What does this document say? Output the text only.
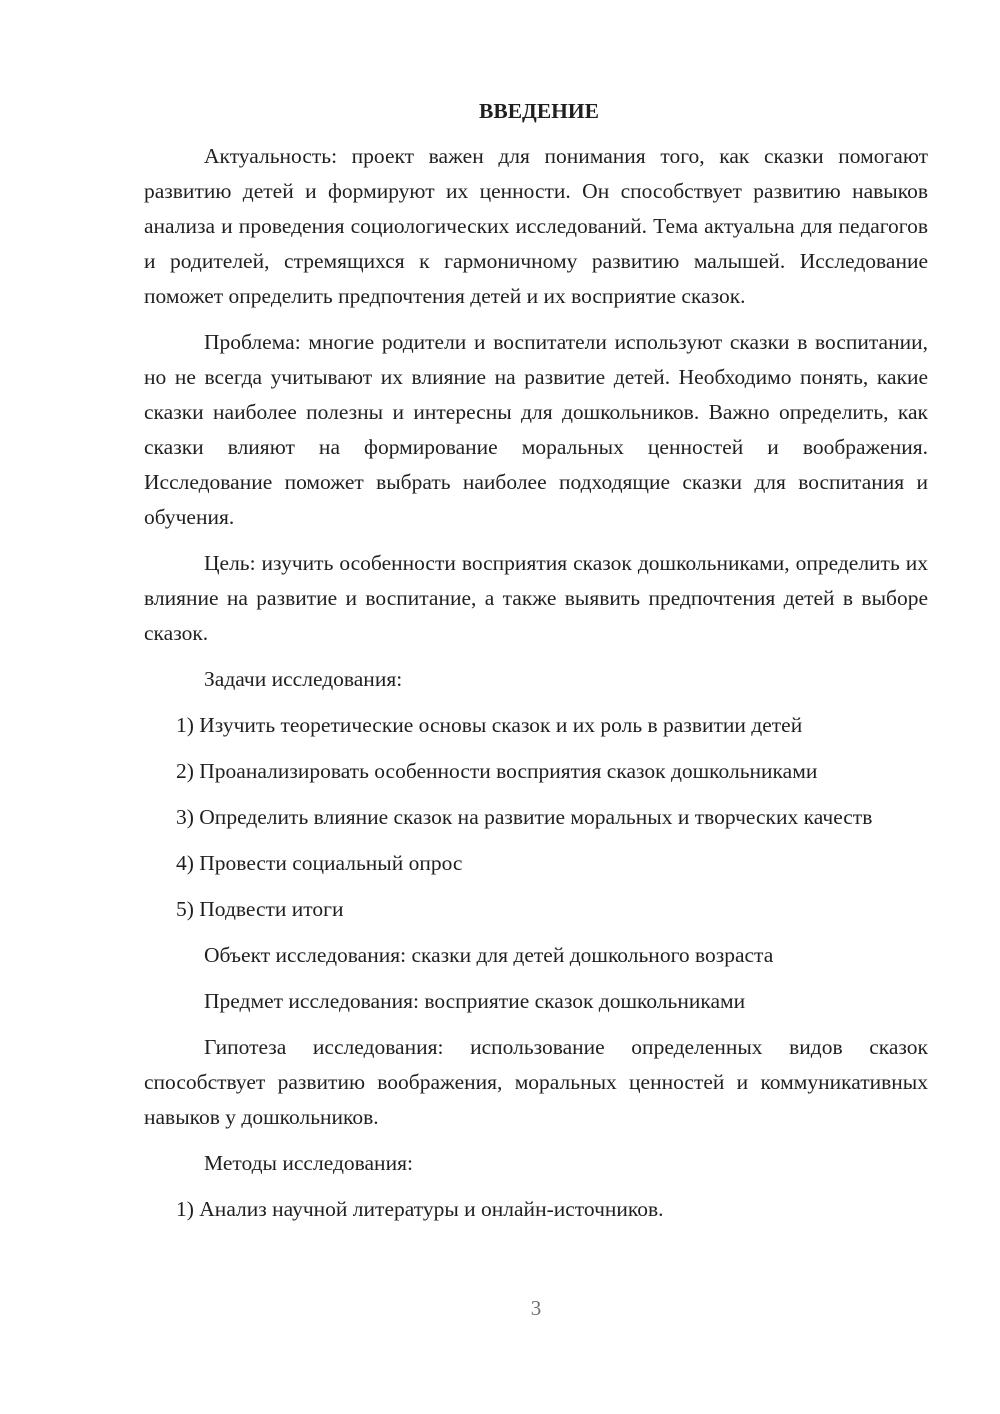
ВВЕДЕНИЕ

Актуальность: проект важен для понимания того, как сказки помогают развитию детей и формируют их ценности. Он способствует развитию навыков анализа и проведения социологических исследований. Тема актуальна для педагогов и родителей, стремящихся к гармоничному развитию малышей. Исследование поможет определить предпочтения детей и их восприятие сказок.

Проблема: многие родители и воспитатели используют сказки в воспитании, но не всегда учитывают их влияние на развитие детей. Необходимо понять, какие сказки наиболее полезны и интересны для дошкольников. Важно определить, как сказки влияют на формирование моральных ценностей и воображения. Исследование поможет выбрать наиболее подходящие сказки для воспитания и обучения.

Цель: изучить особенности восприятия сказок дошкольниками, определить их влияние на развитие и воспитание, а также выявить предпочтения детей в выборе сказок.

Задачи исследования:

1) Изучить теоретические основы сказок и их роль в развитии детей

2) Проанализировать особенности восприятия сказок дошкольниками

3) Определить влияние сказок на развитие моральных и творческих качеств

4) Провести социальный опрос

5) Подвести итоги

Объект исследования: сказки для детей дошкольного возраста

Предмет исследования: восприятие сказок дошкольниками

Гипотеза исследования: использование определенных видов сказок способствует развитию воображения, моральных ценностей и коммуникативных навыков у дошкольников.

Методы исследования:

1) Анализ научной литературы и онлайн-источников.

3
